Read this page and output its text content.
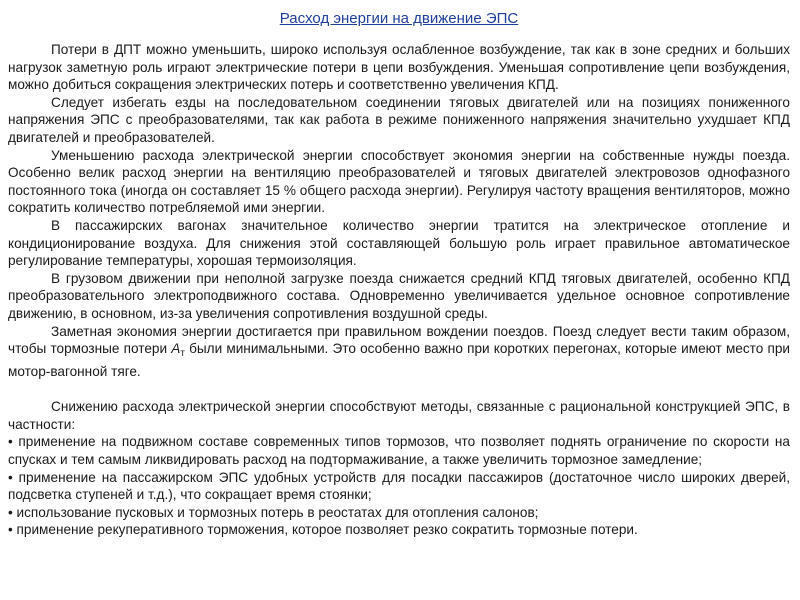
Расход энергии на движение ЭПС

Потери в ДПТ можно уменьшить, широко используя ослабленное возбуждение, так как в зоне средних и больших нагрузок заметную роль играют электрические потери в цепи возбуждения. Уменьшая сопротивление цепи возбуждения, можно добиться сокращения электрических потерь и соответственно увеличения КПД.

Следует избегать езды на последовательном соединении тяговых двигателей или на позициях пониженного напряжения ЭПС с преобразователями, так как работа в режиме пониженного напряжения значительно ухудшает КПД двигателей и преобразователей.

Уменьшению расхода электрической энергии способствует экономия энергии на собственные нужды поезда. Особенно велик расход энергии на вентиляцию преобразователей и тяговых двигателей электровозов однофазного постоянного тока (иногда он составляет 15 % общего расхода энергии). Регулируя частоту вращения вентиляторов, можно сократить количество потребляемой ими энергии.

В пассажирских вагонах значительное количество энергии тратится на электрическое отопление и кондиционирование воздуха. Для снижения этой составляющей большую роль играет правильное автоматическое регулирование температуры, хорошая термоизоляция.

В грузовом движении при неполной загрузке поезда снижается средний КПД тяговых двигателей, особенно КПД преобразовательного электроподвижного состава. Одновременно увеличивается удельное основное сопротивление движению, в основном, из-за увеличения сопротивления воздушной среды.

Заметная экономия энергии достигается при правильном вождении поездов. Поезд следует вести таким образом, чтобы тормозные потери $A_т$ были минимальными. Это особенно важно при коротких перегонах, которые имеют место при мотор-вагонной тяге.

Снижению расхода электрической энергии способствуют методы, связанные с рациональной конструкцией ЭПС, в частности:

• применение на подвижном составе современных типов тормозов, что позволяет поднять ограничение по скорости на спусках и тем самым ликвидировать расход на подтормаживание, а также увеличить тормозное замедление;

• применение на пассажирском ЭПС удобных устройств для посадки пассажиров (достаточное число широких дверей, подсветка ступеней и т.д.), что сокращает время стоянки;

• использование пусковых и тормозных потерь в реостатах для отопления салонов;

• применение рекуперативного торможения, которое позволяет резко сократить тормозные потери.
